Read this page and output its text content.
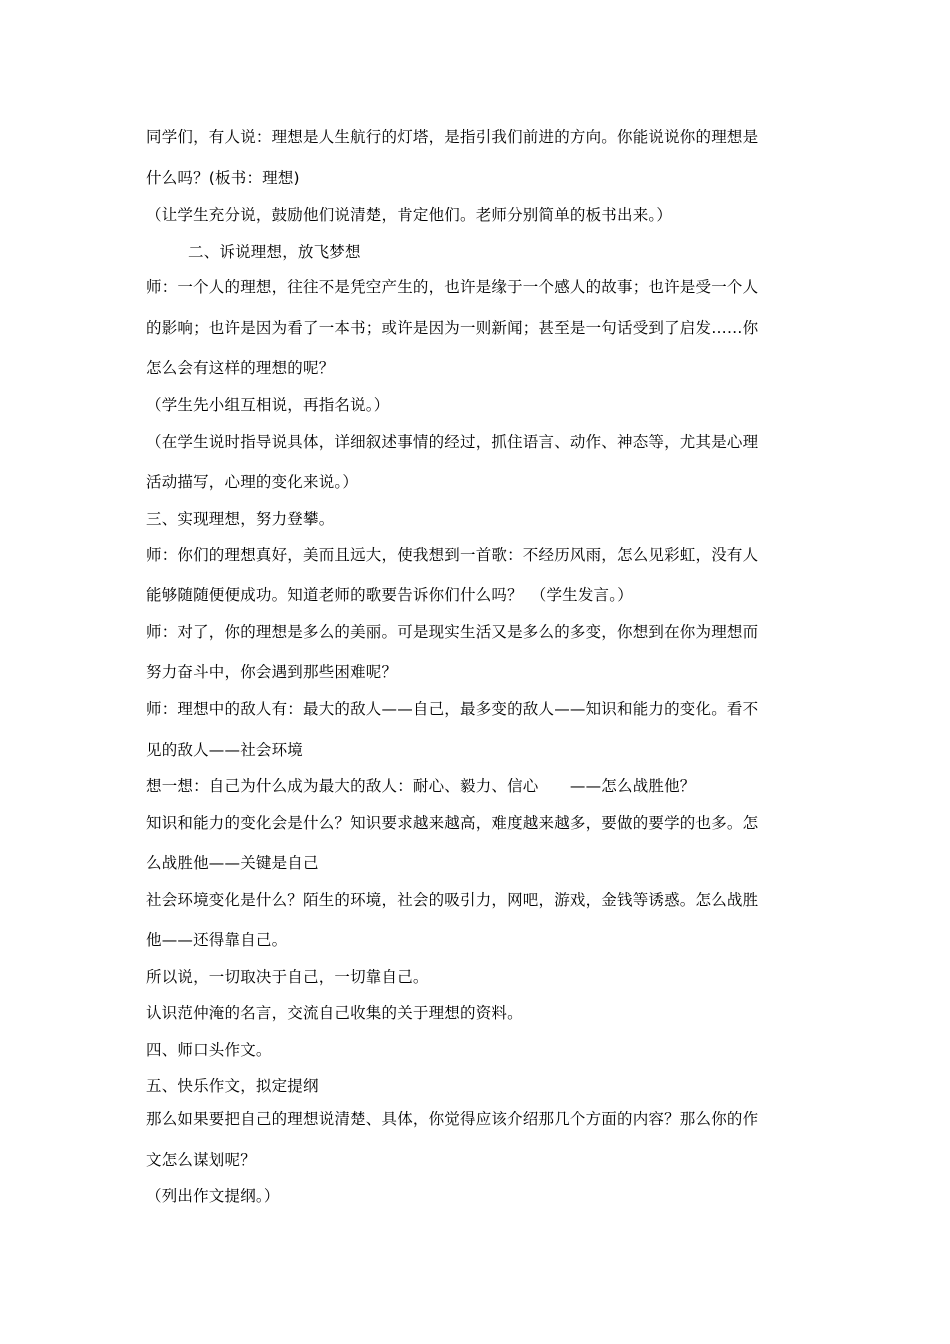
同学们，有人说：理想是人生航行的灯塔，是指引我们前进的方向。你能说说你的理想是
什么吗？(板书：理想)
（让学生充分说，鼓励他们说清楚，肯定他们。老师分别简单的板书出来。）
二、诉说理想，放飞梦想
师：一个人的理想，往往不是凭空产生的，也许是缘于一个感人的故事；也许是受一个人
的影响；也许是因为看了一本书；或许是因为一则新闻；甚至是一句话受到了启发……你
怎么会有这样的理想的呢？
（学生先小组互相说，再指名说。）
（在学生说时指导说具体，详细叙述事情的经过，抓住语言、动作、神态等，尤其是心理
活动描写，心理的变化来说。）
三、实现理想，努力登攀。
师：你们的理想真好，美而且远大，使我想到一首歌：不经历风雨，怎么见彩虹，没有人
能够随随便便成功。知道老师的歌要告诉你们什么吗？　（学生发言。）
师：对了，你的理想是多么的美丽。可是现实生活又是多么的多变，你想到在你为理想而
努力奋斗中，你会遇到那些困难呢？
师：理想中的敌人有：最大的敌人——自己，最多变的敌人——知识和能力的变化。看不
见的敌人——社会环境
想一想：自己为什么成为最大的敌人：耐心、毅力、信心　　——怎么战胜他？
知识和能力的变化会是什么？知识要求越来越高，难度越来越多，要做的要学的也多。怎
么战胜他——关键是自己
社会环境变化是什么？陌生的环境，社会的吸引力，网吧，游戏，金钱等诱惑。怎么战胜
他——还得靠自己。
所以说，一切取决于自己，一切靠自己。
认识范仲淹的名言，交流自己收集的关于理想的资料。
四、师口头作文。
五、快乐作文，拟定提纲
那么如果要把自己的理想说清楚、具体，你觉得应该介绍那几个方面的内容？那么你的作
文怎么谋划呢？
（列出作文提纲。）
